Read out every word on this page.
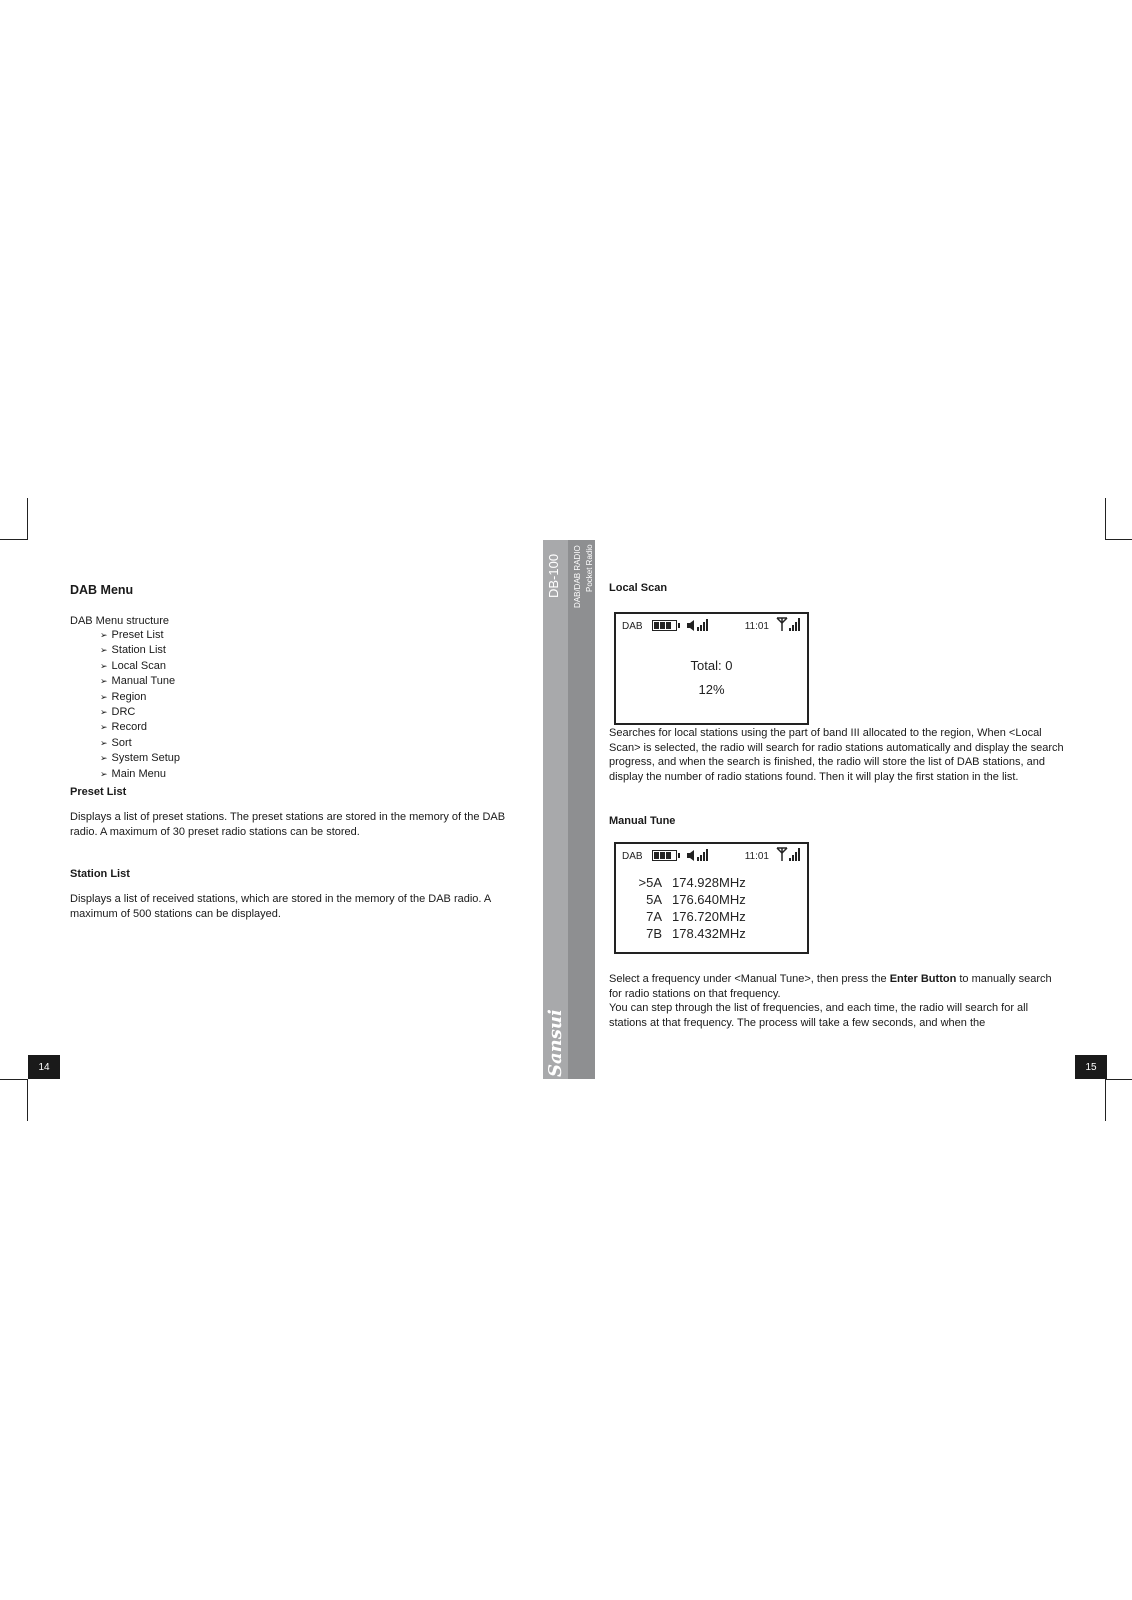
DAB Menu
DAB Menu structure
➢ Preset List
➢ Station List
➢ Local Scan
➢ Manual Tune
➢ Region
➢ DRC
➢ Record
➢ Sort
➢ System Setup
➢ Main Menu
Preset List
Displays a list of preset stations. The preset stations are stored in the memory of the DAB radio. A maximum of 30 preset radio stations can be stored.
Station List
Displays a list of received stations, which are stored in the memory of the DAB radio. A maximum of 500 stations can be displayed.
14
DB-100 DAB/DAB RADIO Pocket Radio
Sansui
Local Scan
DAB	11:01
Total: 0
12%
Searches for local stations using the part of band III allocated to the region, When <Local Scan> is selected, the radio will search for radio stations automatically and display the search progress, and when the search is finished, the radio will store the list of DAB stations, and display the number of radio stations found. Then it will play the first station in the list.
Manual Tune
DAB	11:01
>5A 174.928MHz
5A 176.640MHz
7A 176.720MHz
7B 178.432MHz
Select a frequency under <Manual Tune>, then press the Enter Button to manually search for radio stations on that frequency.
You can step through the list of frequencies, and each time, the radio will search for all stations at that frequency. The process will take a few seconds, and when the
15
